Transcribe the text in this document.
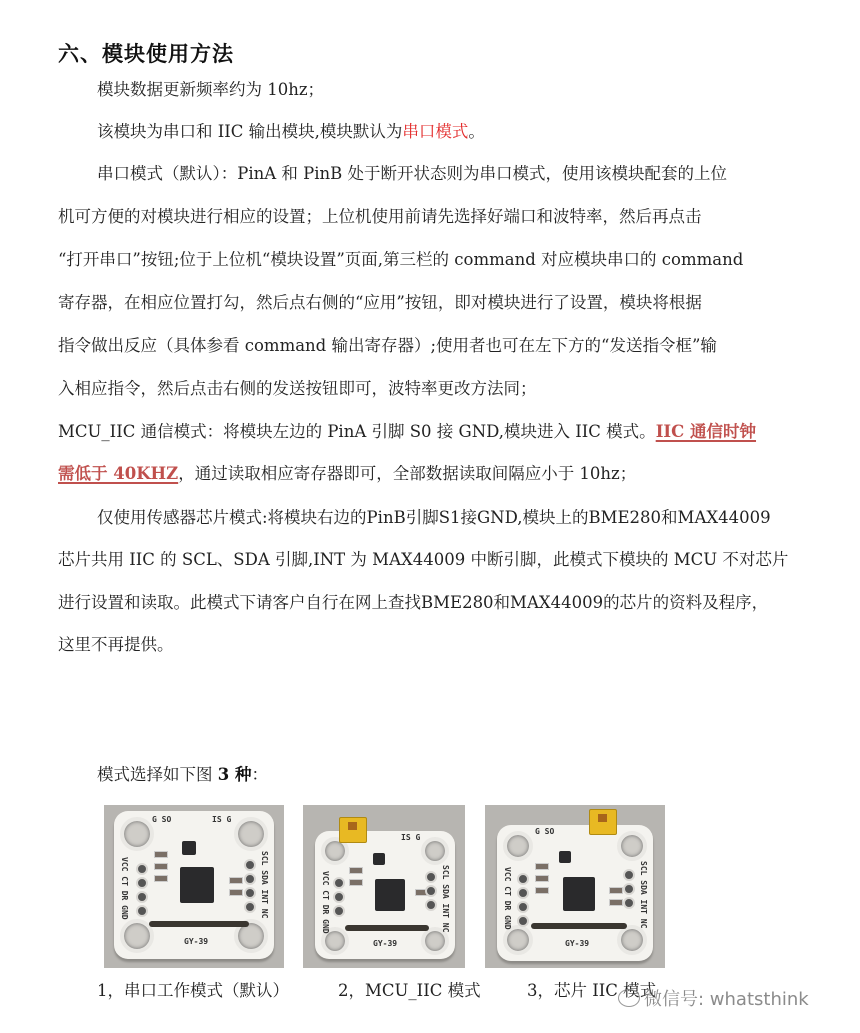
六、模块使用方法
模块数据更新频率约为 10hz；
该模块为串口和 IIC 输出模块,模块默认为串口模式。
串口模式（默认）：PinA 和 PinB 处于断开状态则为串口模式，使用该模块配套的上位
机可方便的对模块进行相应的设置；上位机使用前请先选择好端口和波特率，然后再点击
“打开串口”按钮;位于上位机“模块设置”页面,第三栏的 command 对应模块串口的 command
寄存器，在相应位置打勾，然后点右侧的“应用”按钮，即对模块进行了设置，模块将根据
指令做出反应（具体参看 command 输出寄存器）;使用者也可在左下方的“发送指令框”输
入相应指令，然后点击右侧的发送按钮即可，波特率更改方法同；
MCU_IIC 通信模式：将模块左边的 PinA 引脚 S0 接 GND,模块进入 IIC 模式。IIC 通信时钟
需低于 40KHZ，通过读取相应寄存器即可，全部数据读取间隔应小于 10hz；
仅使用传感器芯片模式:将模块右边的PinB引脚S1接GND,模块上的BME280和MAX44009
芯片共用 IIC 的 SCL、SDA 引脚,INT 为 MAX44009 中断引脚，此模式下模块的 MCU 不对芯片
进行设置和读取。此模式下请客户自行在网上查找BME280和MAX44009的芯片的资料及程序，
这里不再提供。
模式选择如下图 3 种：
G SO	IS G
VCC CT DR GND	SCL SDA INT NC
GY-39
IS G
VCC CT DR GND	SCL SDA INT NC
GY-39
G SO
VCC CT DR GND	SCL SDA INT NC
GY-39
1，串口工作模式（默认）	2，MCU_IIC 模式	3，芯片 IIC 模式
微信号: whatsthink
